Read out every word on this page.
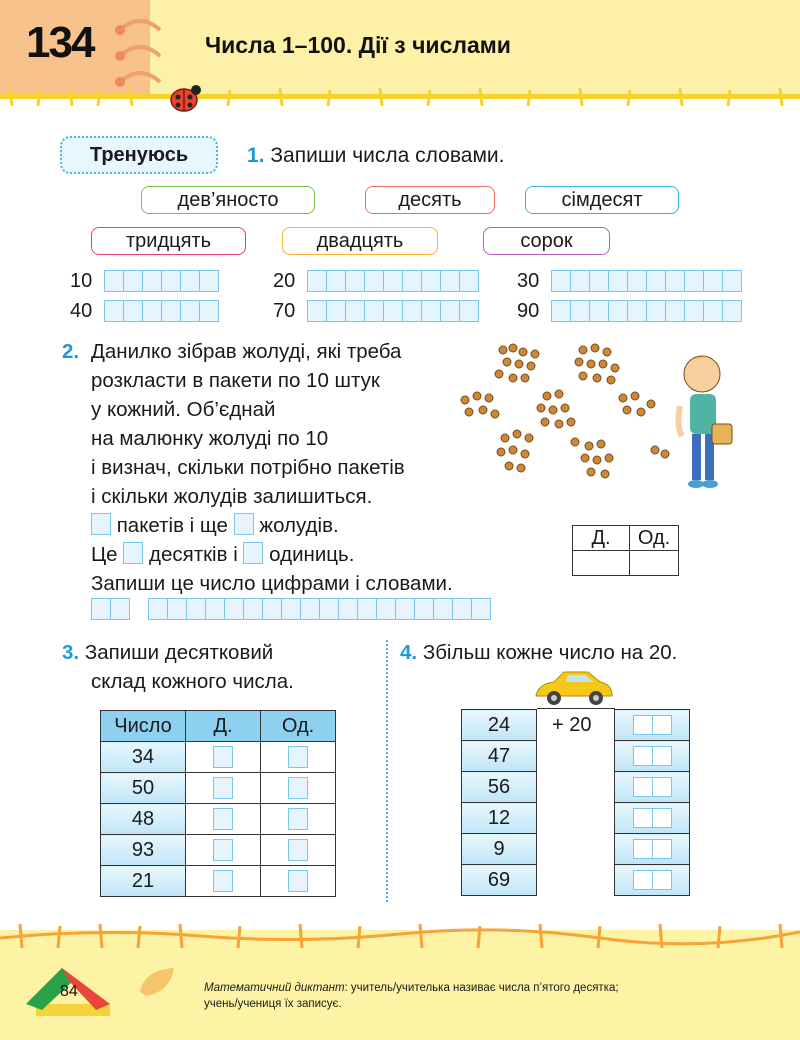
134	Числа 1–100. Дії з числами
Тренуюсь	1. Запиши числа словами.
дев’яносто	десять	сімдесят
тридцять	двадцять	сорок
10	20	30
40	70	90
2. Данилко зібрав жолуді, які треба
розкласти в пакети по 10 штук
у кожний. Об’єднай
на малюнку жолуді по 10
і визнач, скільки потрібно пакетів
і скільки жолудів залишиться.
пакетів і ще жолудів.
Це десятків і одиниць.
Запиши це число цифрами і словами.
Д.	Од.

3. Запиши десятковий
склад кожного числа.
Число	Д.	Од.
34		
50		
48		
93		
21		
4. Збільш кожне число на 20.
+ 20
24
47
56
12
9
69

84	Математичний диктант: учитель/учителька називає числа п’ятого десятка;
учень/учениця їх записує.
